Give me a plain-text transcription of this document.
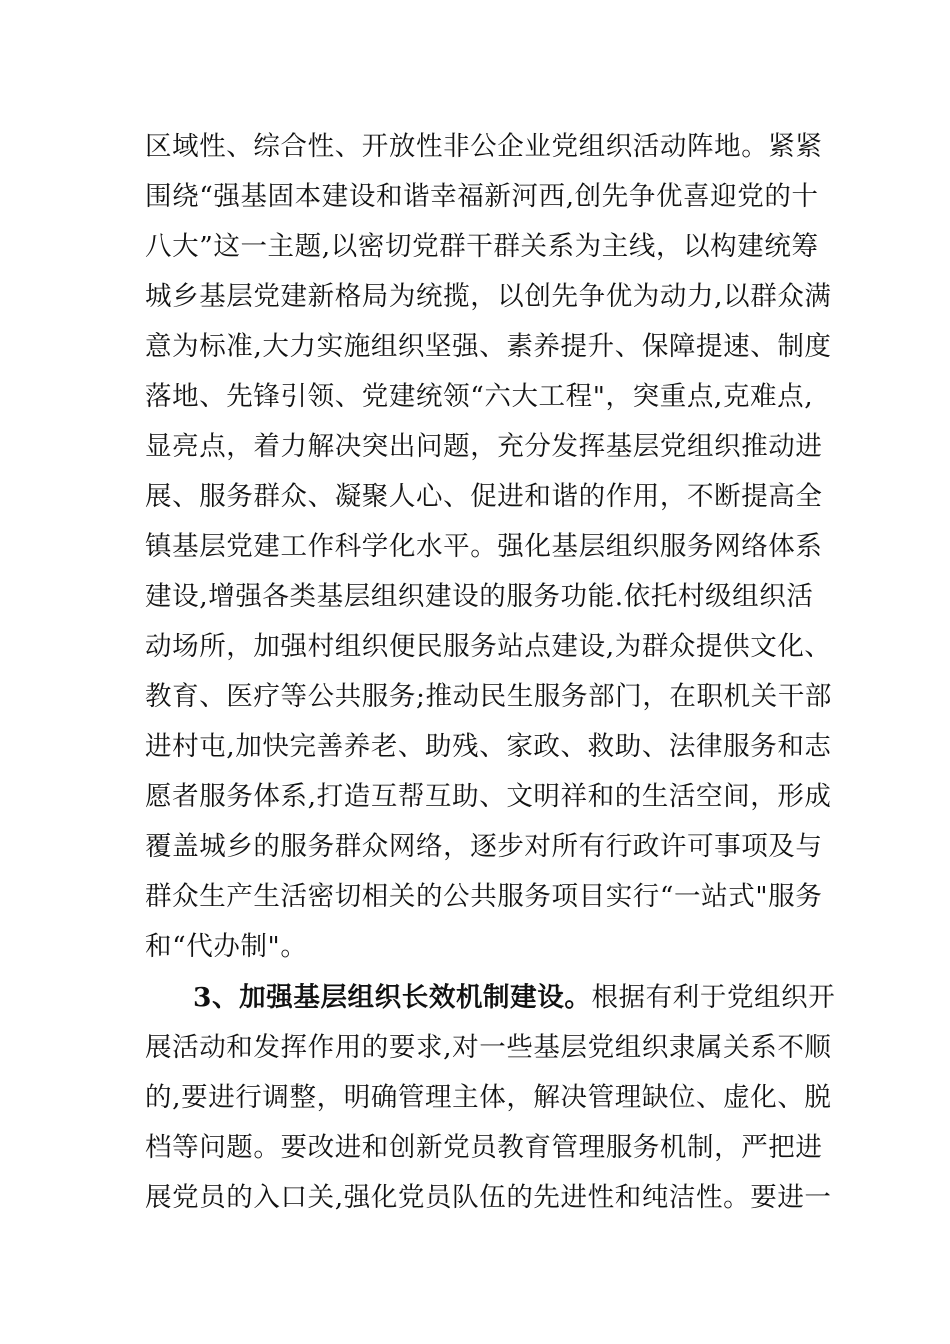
区域性、综合性、开放性非公企业党组织活动阵地。紧紧
围绕“强基固本建设和谐幸福新河西,创先争优喜迎党的十
八大”这一主题,以密切党群干群关系为主线，以构建统筹
城乡基层党建新格局为统揽，以创先争优为动力,以群众满
意为标准,大力实施组织坚强、素养提升、保障提速、制度
落地、先锋引领、党建统领“六大工程"，突重点,克难点,
显亮点，着力解决突出问题，充分发挥基层党组织推动进
展、服务群众、凝聚人心、促进和谐的作用，不断提高全
镇基层党建工作科学化水平。强化基层组织服务网络体系
建设,增强各类基层组织建设的服务功能.依托村级组织活
动场所，加强村组织便民服务站点建设,为群众提供文化、
教育、医疗等公共服务;推动民生服务部门，在职机关干部
进村屯,加快完善养老、助残、家政、救助、法律服务和志
愿者服务体系,打造互帮互助、文明祥和的生活空间，形成
覆盖城乡的服务群众网络，逐步对所有行政许可事项及与
群众生产生活密切相关的公共服务项目实行“一站式"服务
和“代办制"。
3、加强基层组织长效机制建设。根据有利于党组织开
展活动和发挥作用的要求,对一些基层党组织隶属关系不顺
的,要进行调整，明确管理主体，解决管理缺位、虚化、脱
档等问题。要改进和创新党员教育管理服务机制，严把进
展党员的入口关,强化党员队伍的先进性和纯洁性。要进一
